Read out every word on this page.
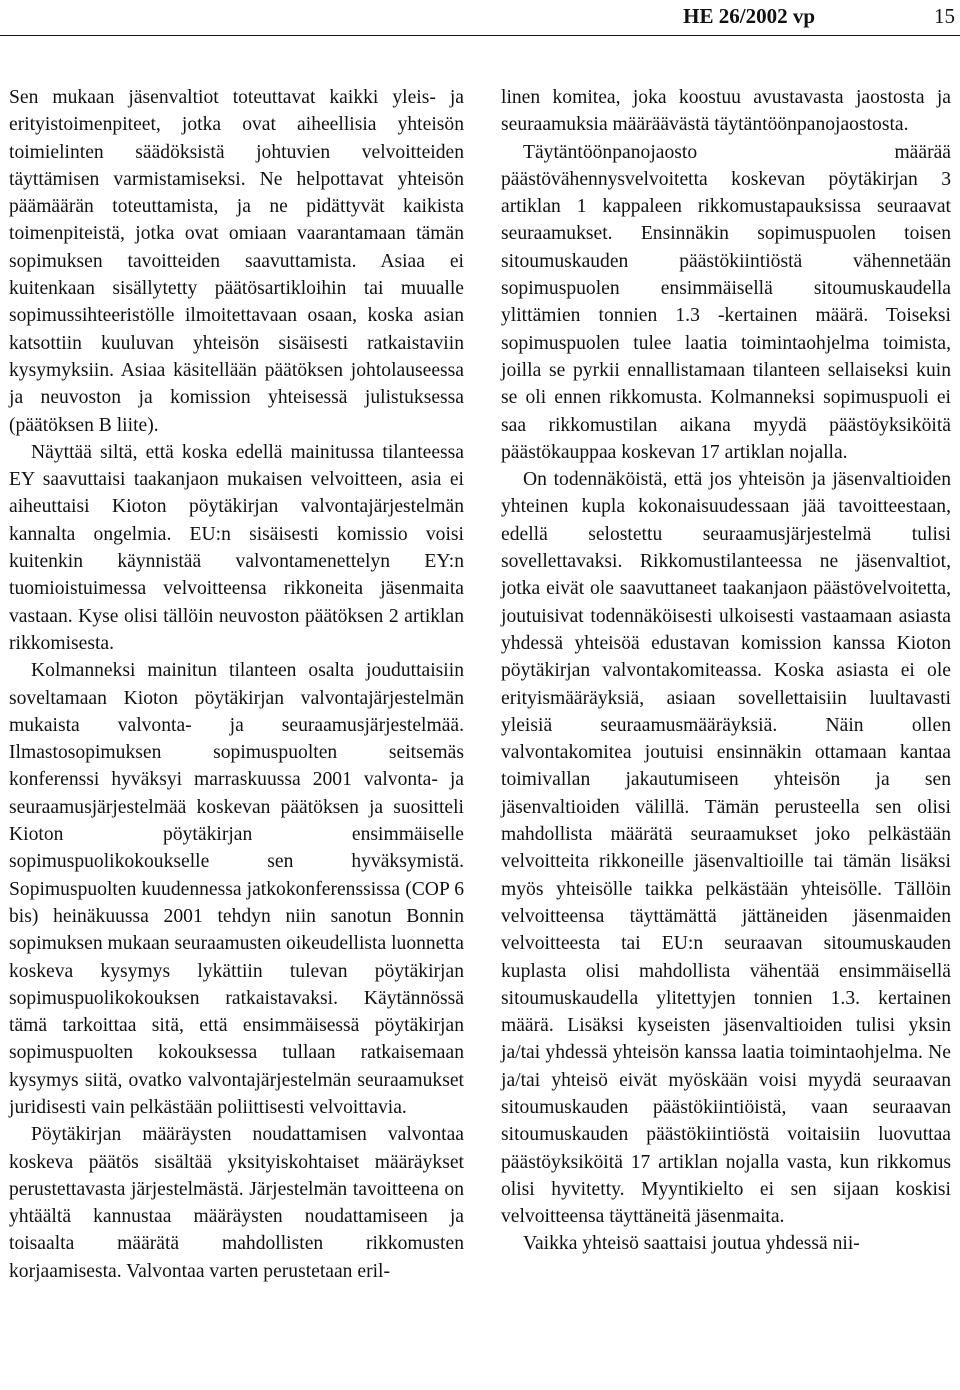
HE 26/2002 vp	15

Sen mukaan jäsenvaltiot toteuttavat kaikki yleis- ja erityistoimenpiteet, jotka ovat aiheellisia yhteisön toimielinten säädöksistä johtuvien velvoitteiden täyttämisen varmistamiseksi. Ne helpottavat yhteisön päämäärän toteuttamista, ja ne pidättyvät kaikista toimenpiteistä, jotka ovat omiaan vaarantamaan tämän sopimuksen tavoitteiden saavuttamista. Asiaa ei kuitenkaan sisällytetty päätösartikloihin tai muualle sopimussihteeristölle ilmoitettavaan osaan, koska asian katsottiin kuuluvan yhteisön sisäisesti ratkaistaviin kysymyksiin. Asiaa käsitellään päätöksen johtolauseessa ja neuvoston ja komission yhteisessä julistuksessa (päätöksen B liite).

Näyttää siltä, että koska edellä mainitussa tilanteessa EY saavuttaisi taakanjaon mukaisen velvoitteen, asia ei aiheuttaisi Kioton pöytäkirjan valvontajärjestelmän kannalta ongelmia. EU:n sisäisesti komissio voisi kuitenkin käynnistää valvontamenettelyn EY:n tuomioistuimessa velvoitteensa rikkoneita jäsenmaita vastaan. Kyse olisi tällöin neuvoston päätöksen 2 artiklan rikkomisesta.

Kolmanneksi mainitun tilanteen osalta jouduttaisiin soveltamaan Kioton pöytäkirjan valvontajärjestelmän mukaista valvonta- ja seuraamusjärjestelmää. Ilmastosopimuksen sopimuspuolten seitsemäs konferenssi hyväksyi marraskuussa 2001 valvonta- ja seuraamusjärjestelmää koskevan päätöksen ja suositteli Kioton pöytäkirjan ensimmäiselle sopimuspuolikokoukselle sen hyväksymistä. Sopimuspuolten kuudennessa jatkokonferenssissa (COP 6 bis) heinäkuussa 2001 tehdyn niin sanotun Bonnin sopimuksen mukaan seuraamusten oikeudellista luonnetta koskeva kysymys lykättiin tulevan pöytäkirjan sopimuspuolikokouksen ratkaistavaksi. Käytännössä tämä tarkoittaa sitä, että ensimmäisessä pöytäkirjan sopimuspuolten kokouksessa tullaan ratkaisemaan kysymys siitä, ovatko valvontajärjestelmän seuraamukset juridisesti vain pelkästään poliittisesti velvoittavia.

Pöytäkirjan määräysten noudattamisen valvontaa koskeva päätös sisältää yksityiskohtaiset määräykset perustettavasta järjestelmästä. Järjestelmän tavoitteena on yhtäältä kannustaa määräysten noudattamiseen ja toisaalta määrätä mahdollisten rikkomusten korjaamisesta. Valvontaa varten perustetaan eril-

linen komitea, joka koostuu avustavasta jaostosta ja seuraamuksia määräävästä täytäntöönpanojaostosta.

Täytäntöönpanojaosto määrää päästövähennysvelvoitetta koskevan pöytäkirjan 3 artiklan 1 kappaleen rikkomustapauksissa seuraavat seuraamukset. Ensinnäkin sopimuspuolen toisen sitoumuskauden päästökiintiöstä vähennetään sopimuspuolen ensimmäisellä sitoumuskaudella ylittämien tonnien 1.3 -kertainen määrä. Toiseksi sopimuspuolen tulee laatia toimintaohjelma toimista, joilla se pyrkii ennallistamaan tilanteen sellaiseksi kuin se oli ennen rikkomusta. Kolmanneksi sopimuspuoli ei saa rikkomustilan aikana myydä päästöyksiköitä päästökauppaa koskevan 17 artiklan nojalla.

On todennäköistä, että jos yhteisön ja jäsenvaltioiden yhteinen kupla kokonaisuudessaan jää tavoitteestaan, edellä selostettu seuraamusjärjestelmä tulisi sovellettavaksi. Rikkomustilanteessa ne jäsenvaltiot, jotka eivät ole saavuttaneet taakanjaon päästövelvoitetta, joutuisivat todennäköisesti ulkoisesti vastaamaan asiasta yhdessä yhteisöä edustavan komission kanssa Kioton pöytäkirjan valvontakomiteassa. Koska asiasta ei ole erityismääräyksiä, asiaan sovellettaisiin luultavasti yleisiä seuraamusmääräyksiä. Näin ollen valvontakomitea joutuisi ensinnäkin ottamaan kantaa toimivallan jakautumiseen yhteisön ja sen jäsenvaltioiden välillä. Tämän perusteella sen olisi mahdollista määrätä seuraamukset joko pelkästään velvoitteita rikkoneille jäsenvaltioille tai tämän lisäksi myös yhteisölle taikka pelkästään yhteisölle. Tällöin velvoitteensa täyttämättä jättäneiden jäsenmaiden velvoitteesta tai EU:n seuraavan sitoumuskauden kuplasta olisi mahdollista vähentää ensimmäisellä sitoumuskaudella ylitettyjen tonnien 1.3. kertainen määrä. Lisäksi kyseisten jäsenvaltioiden tulisi yksin ja/tai yhdessä yhteisön kanssa laatia toimintaohjelma. Ne ja/tai yhteisö eivät myöskään voisi myydä seuraavan sitoumuskauden päästökiintiöistä, vaan seuraavan sitoumuskauden päästökiintiöstä voitaisiin luovuttaa päästöyksiköitä 17 artiklan nojalla vasta, kun rikkomus olisi hyvitetty. Myyntikielto ei sen sijaan koskisi velvoitteensa täyttäneitä jäsenmaita.

Vaikka yhteisö saattaisi joutua yhdessä nii-
